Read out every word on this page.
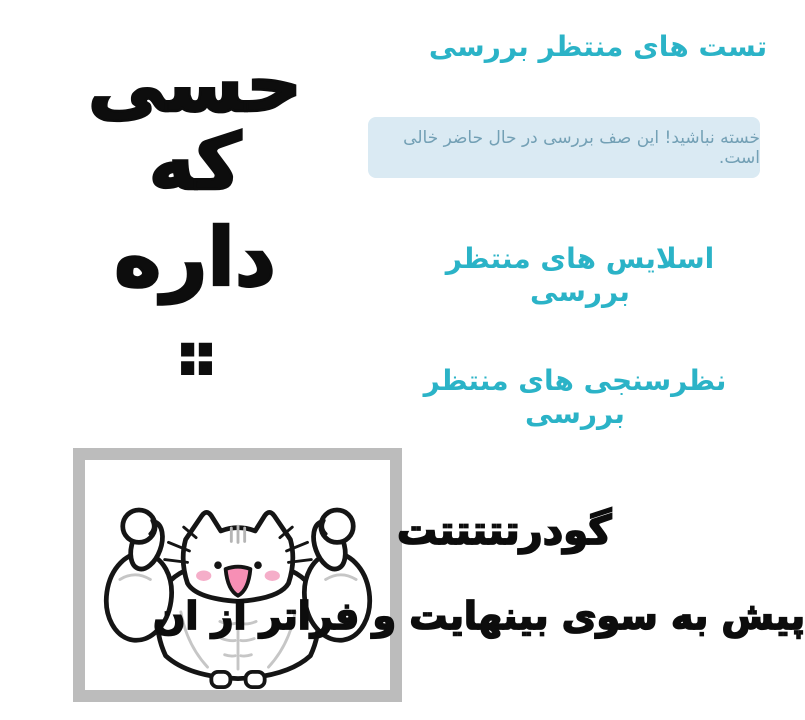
تست های منتظر بررسی
خسته نباشید! این صف بررسی در حال حاضر خالی است.
اسلایس های منتظر بررسی
نظرسنجی های منتظر بررسی
حسی
که
داره
::
گودرتتتتتت
پیش به سوی بینهایت و فراتر از ان
